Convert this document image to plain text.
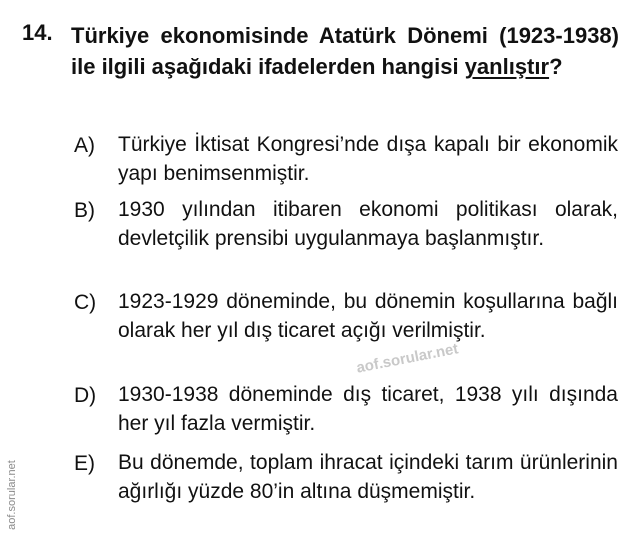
aof.sorular.net
aof.sorular.net
14. Türkiye ekonomisinde Atatürk Dönemi (1923-1938) ile ilgili aşağıdaki ifadelerden hangisi yanlıştır?

A) Türkiye İktisat Kongresi’nde dışa kapalı bir ekonomik yapı benimsenmiştir.

B) 1930 yılından itibaren ekonomi politikası olarak, devletçilik prensibi uygulanmaya başlanmıştır.

C) 1923-1929 döneminde, bu dönemin koşullarına bağlı olarak her yıl dış ticaret açığı verilmiştir.

D) 1930-1938 döneminde dış ticaret, 1938 yılı dışında her yıl fazla vermiştir.

E) Bu dönemde, toplam ihracat içindeki tarım ürünlerinin ağırlığı yüzde 80’in altına düşmemiştir.
